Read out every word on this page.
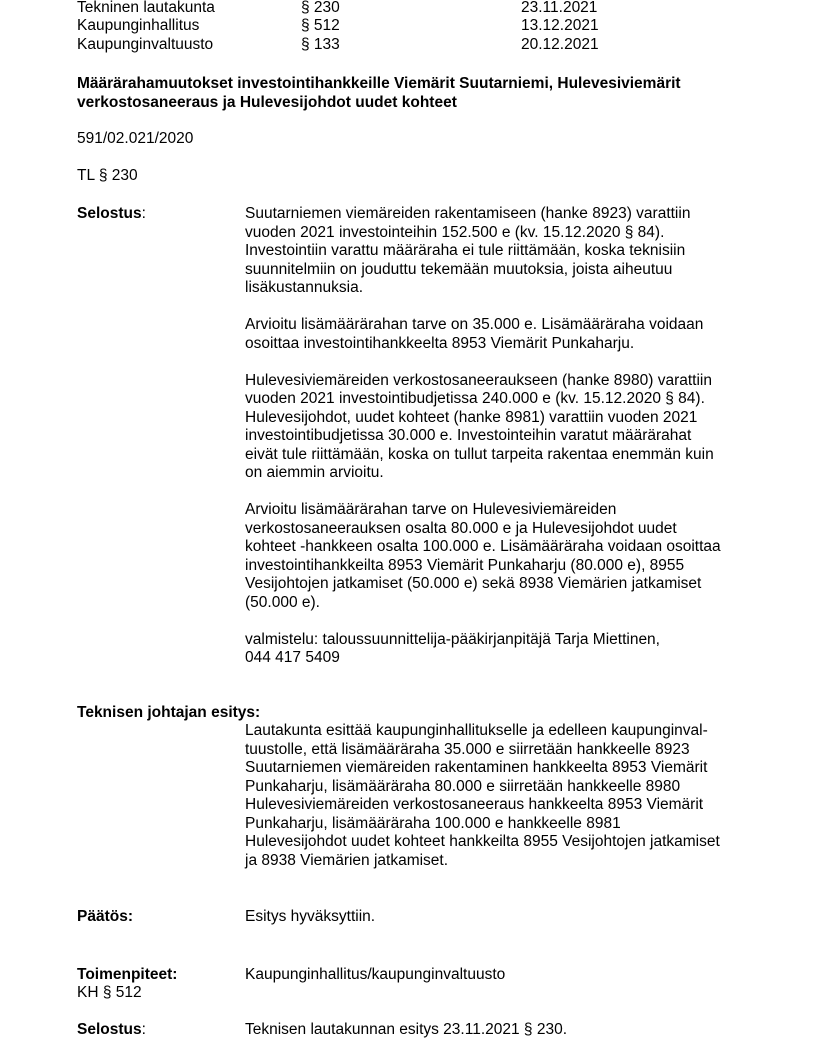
Tekninen lautakunta	§ 230	23.11.2021
Kaupunginhallitus	§ 512	13.12.2021
Kaupunginvaltuusto	§ 133	20.12.2021
Määrärahamuutokset investointihankkeille Viemärit Suutarniemi, Hulevesiviemärit
verkostosaneeraus ja Hulevesijohdot uudet kohteet
591/02.021/2020
TL § 230
Selostus:	Suutarniemen viemäreiden rakentamiseen (hanke 8923) varattiin
vuoden 2021 investointeihin 152.500 e (kv. 15.12.2020 § 84).
Investointiin varattu määräraha ei tule riittämään, koska teknisiin
suunnitelmiin on jouduttu tekemään muutoksia, joista aiheutuu
lisäkustannuksia.
Arvioitu lisämäärärahan tarve on 35.000 e. Lisämääräraha voidaan
osoittaa investointihankkeelta 8953 Viemärit Punkaharju.
Hulevesiviemäreiden verkostosaneeraukseen (hanke 8980) varattiin
vuoden 2021 investointibudjetissa 240.000 e (kv. 15.12.2020 § 84).
Hulevesijohdot, uudet kohteet (hanke 8981) varattiin vuoden 2021
investointibudjetissa 30.000 e. Investointeihin varatut määrärahat
eivät tule riittämään, koska on tullut tarpeita rakentaa enemmän kuin
on aiemmin arvioitu.
Arvioitu lisämäärärahan tarve on Hulevesiviemäreiden
verkostosaneerauksen osalta 80.000 e ja Hulevesijohdot uudet
kohteet -hankkeen osalta 100.000 e. Lisämääräraha voidaan osoittaa
investointihankkeilta 8953 Viemärit Punkaharju (80.000 e), 8955
Vesijohtojen jatkamiset (50.000 e) sekä 8938 Viemärien jatkamiset
(50.000 e).
valmistelu: taloussuunnittelija-pääkirjanpitäjä Tarja Miettinen,
044 417 5409
Teknisen johtajan esitys:
Lautakunta esittää kaupunginhallitukselle ja edelleen kaupunginval-
tuustolle, että lisämääräraha 35.000 e siirretään hankkeelle 8923
Suutarniemen viemäreiden rakentaminen hankkeelta 8953 Viemärit
Punkaharju, lisämääräraha 80.000 e siirretään hankkeelle 8980
Hulevesiviemäreiden verkostosaneeraus hankkeelta 8953 Viemärit
Punkaharju, lisämääräraha 100.000 e hankkeelle 8981
Hulevesijohdot uudet kohteet hankkeilta 8955 Vesijohtojen jatkamiset
ja 8938 Viemärien jatkamiset.
Päätös:	Esitys hyväksyttiin.
Toimenpiteet:	Kaupunginhallitus/kaupunginvaltuusto
KH § 512
Selostus:	Teknisen lautakunnan esitys 23.11.2021 § 230.
